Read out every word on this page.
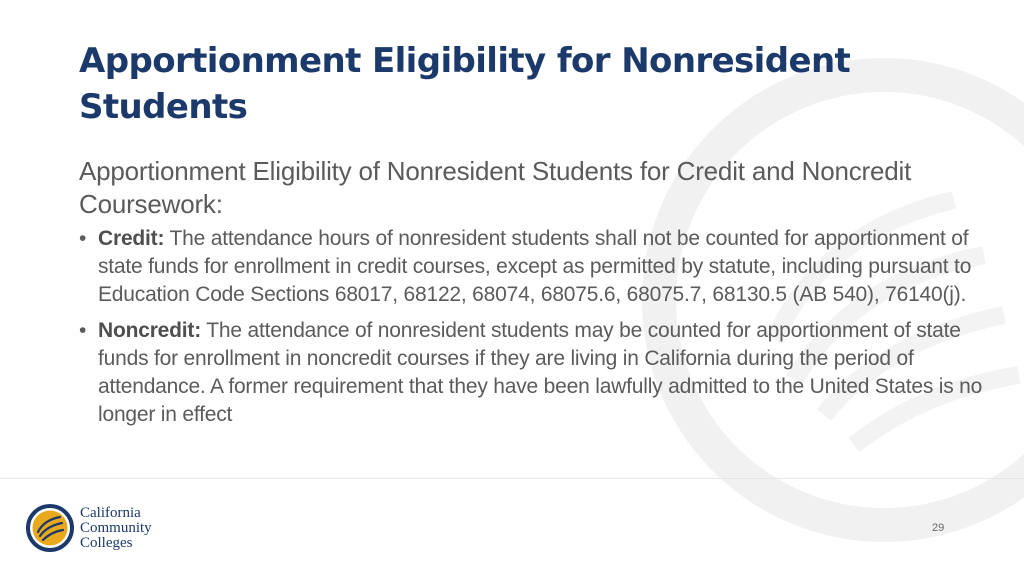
Apportionment Eligibility for Nonresident Students

Apportionment Eligibility of Nonresident Students for Credit and Noncredit Coursework:

• Credit: The attendance hours of nonresident students shall not be counted for apportionment of state funds for enrollment in credit courses, except as permitted by statute, including pursuant to Education Code Sections 68017, 68122, 68074, 68075.6, 68075.7, 68130.5 (AB 540), 76140(j).
• Noncredit: The attendance of nonresident students may be counted for apportionment of state funds for enrollment in noncredit courses if they are living in California during the period of attendance. A former requirement that they have been lawfully admitted to the United States is no longer in effect
California
Community
Colleges
29
